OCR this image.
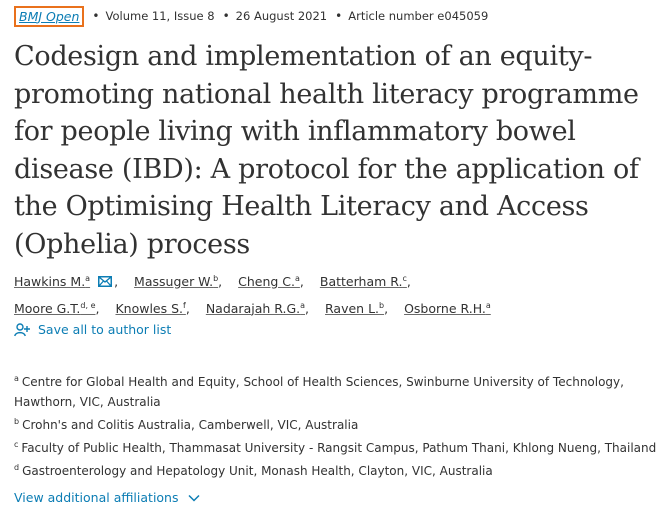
BMJ Open	• Volume 11, Issue 8 • 26 August 2021 • Article number e045059
Codesign and implementation of an equity-
promoting national health literacy programme
for people living with inflammatory bowel
disease (IBD): A protocol for the application of
the Optimising Health Literacy and Access
(Ophelia) process
Hawkins M.$^a$ , Massuger W.$^b$, Cheng C.$^a$, Batterham R.$^c$,
Moore G.T.$^{d, e}$, Knowles S.$^f$, Nadarajah R.G.$^a$, Raven L.$^b$, Osborne R.H.$^a$
Save all to author list
$^a$ Centre for Global Health and Equity, School of Health Sciences, Swinburne University of Technology, Hawthorn, VIC, Australia
$^b$ Crohn's and Colitis Australia, Camberwell, VIC, Australia
$^c$ Faculty of Public Health, Thammasat University - Rangsit Campus, Pathum Thani, Khlong Nueng, Thailand
$^d$ Gastroenterology and Hepatology Unit, Monash Health, Clayton, VIC, Australia
View additional affiliations
